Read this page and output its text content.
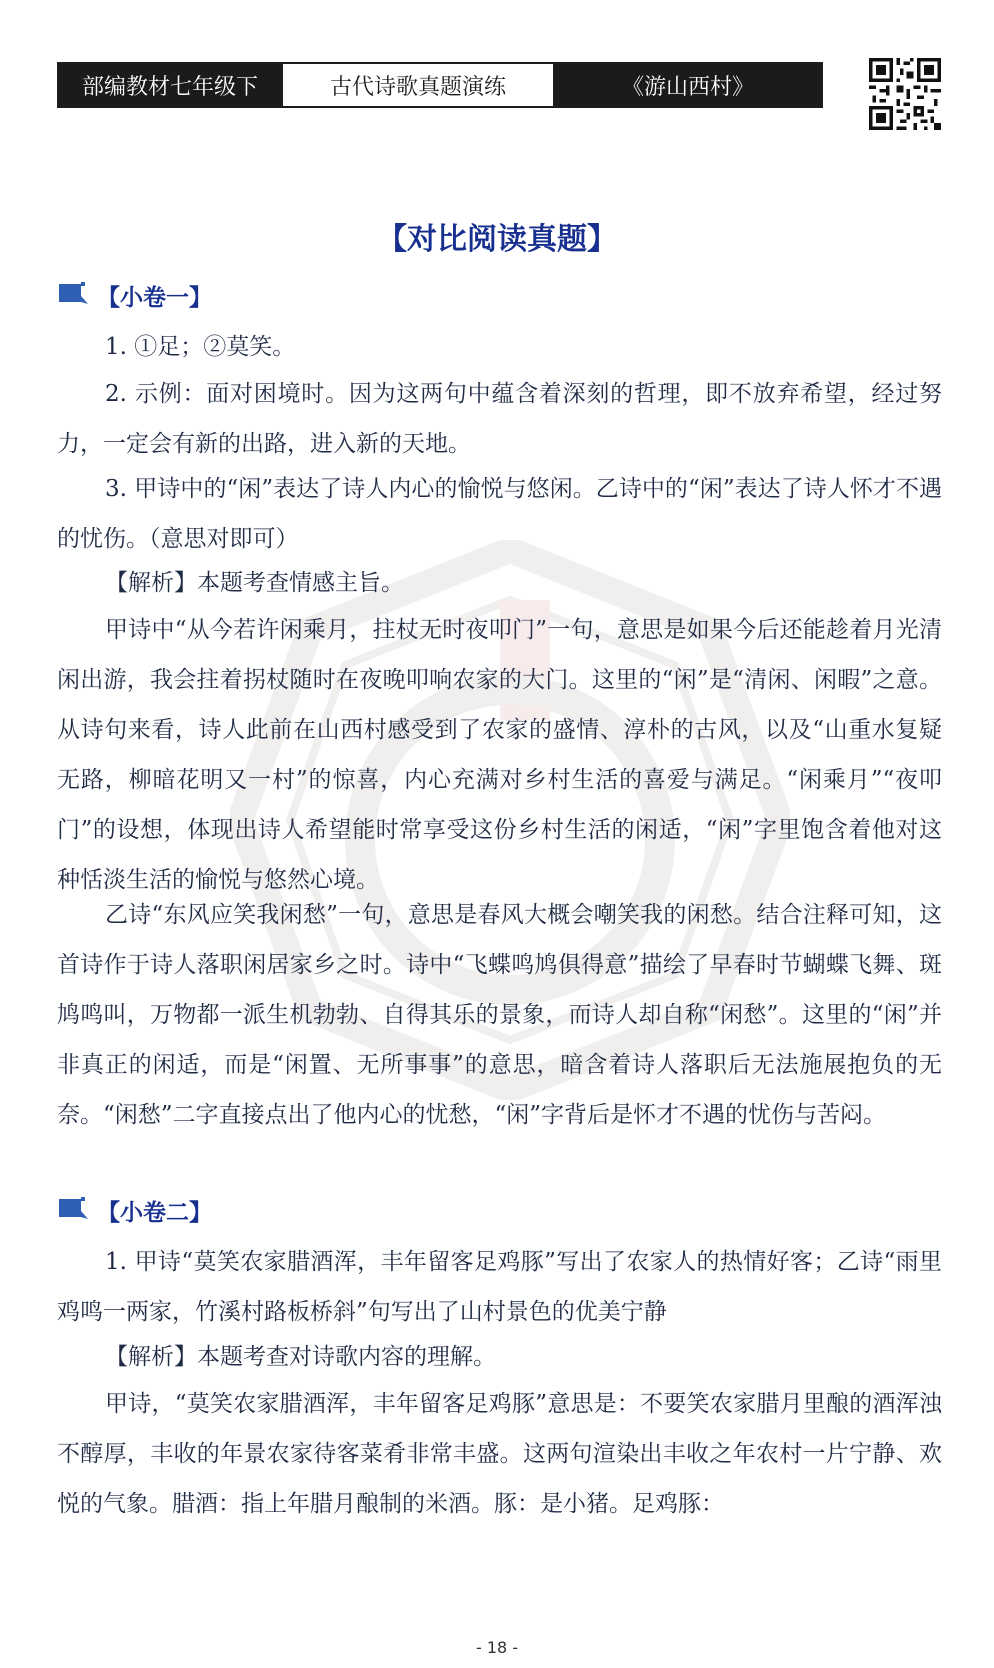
部编教材七年级下	古代诗歌真题演练	《游山西村》
【对比阅读真题】
【小卷一】
1. ①足；②莫笑。
2. 示例：面对困境时。因为这两句中蕴含着深刻的哲理，即不放弃希望，经过努力，一定会有新的出路，进入新的天地。
3. 甲诗中的“闲”表达了诗人内心的愉悦与悠闲。乙诗中的“闲”表达了诗人怀才不遇的忧伤。（意思对即可）
【解析】本题考查情感主旨。
甲诗中“从今若许闲乘月，拄杖无时夜叩门”一句，意思是如果今后还能趁着月光清闲出游，我会拄着拐杖随时在夜晚叩响农家的大门。这里的“闲”是“清闲、闲暇”之意。从诗句来看，诗人此前在山西村感受到了农家的盛情、淳朴的古风，以及“山重水复疑无路，柳暗花明又一村”的惊喜，内心充满对乡村生活的喜爱与满足。“闲乘月”“夜叩门”的设想，体现出诗人希望能时常享受这份乡村生活的闲适，“闲”字里饱含着他对这种恬淡生活的愉悦与悠然心境。
乙诗“东风应笑我闲愁”一句，意思是春风大概会嘲笑我的闲愁。结合注释可知，这首诗作于诗人落职闲居家乡之时。诗中“飞蝶鸣鸠俱得意”描绘了早春时节蝴蝶飞舞、斑鸠鸣叫，万物都一派生机勃勃、自得其乐的景象，而诗人却自称“闲愁”。这里的“闲”并非真正的闲适，而是“闲置、无所事事”的意思，暗含着诗人落职后无法施展抱负的无奈。“闲愁”二字直接点出了他内心的忧愁，“闲”字背后是怀才不遇的忧伤与苦闷。
【小卷二】
1. 甲诗“莫笑农家腊酒浑，丰年留客足鸡豚”写出了农家人的热情好客；乙诗“雨里鸡鸣一两家，竹溪村路板桥斜”句写出了山村景色的优美宁静
【解析】本题考查对诗歌内容的理解。
甲诗，“莫笑农家腊酒浑，丰年留客足鸡豚”意思是：不要笑农家腊月里酿的酒浑浊不醇厚，丰收的年景农家待客菜肴非常丰盛。这两句渲染出丰收之年农村一片宁静、欢悦的气象。腊酒：指上年腊月酿制的米酒。豚：是小猪。足鸡豚：
- 18 -
